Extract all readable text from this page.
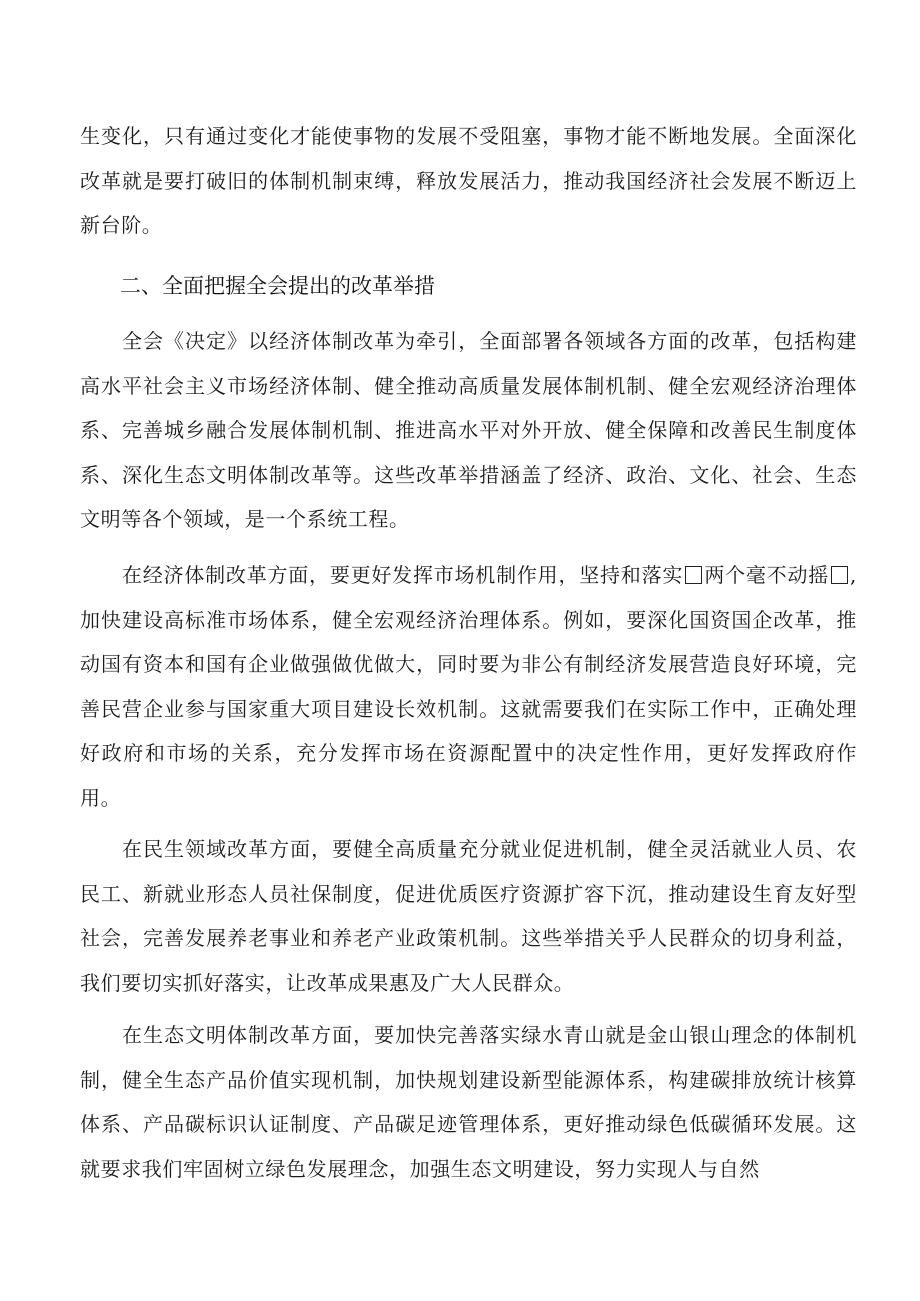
生变化，只有通过变化才能使事物的发展不受阻塞，事物才能不断地发展。全面深化改革就是要打破旧的体制机制束缚，释放发展活力，推动我国经济社会发展不断迈上新台阶。

二、全面把握全会提出的改革举措

全会《决定》以经济体制改革为牵引，全面部署各领域各方面的改革，包括构建高水平社会主义市场经济体制、健全推动高质量发展体制机制、健全宏观经济治理体系、完善城乡融合发展体制机制、推进高水平对外开放、健全保障和改善民生制度体系、深化生态文明体制改革等。这些改革举措涵盖了经济、政治、文化、社会、生态文明等各个领域，是一个系统工程。

在经济体制改革方面，要更好发挥市场机制作用，坚持和落实 两个毫不动摇 ,加快建设高标准市场体系，健全宏观经济治理体系。例如，要深化国资国企改革，推动国有资本和国有企业做强做优做大，同时要为非公有制经济发展营造良好环境，完善民营企业参与国家重大项目建设长效机制。这就需要我们在实际工作中，正确处理好政府和市场的关系，充分发挥市场在资源配置中的决定性作用，更好发挥政府作用。

在民生领域改革方面，要健全高质量充分就业促进机制，健全灵活就业人员、农民工、新就业形态人员社保制度，促进优质医疗资源扩容下沉，推动建设生育友好型社会，完善发展养老事业和养老产业政策机制。这些举措关乎人民群众的切身利益，我们要切实抓好落实，让改革成果惠及广大人民群众。

在生态文明体制改革方面，要加快完善落实绿水青山就是金山银山理念的体制机制，健全生态产品价值实现机制，加快规划建设新型能源体系，构建碳排放统计核算体系、产品碳标识认证制度、产品碳足迹管理体系，更好推动绿色低碳循环发展。这就要求我们牢固树立绿色发展理念，加强生态文明建设，努力实现人与自然
